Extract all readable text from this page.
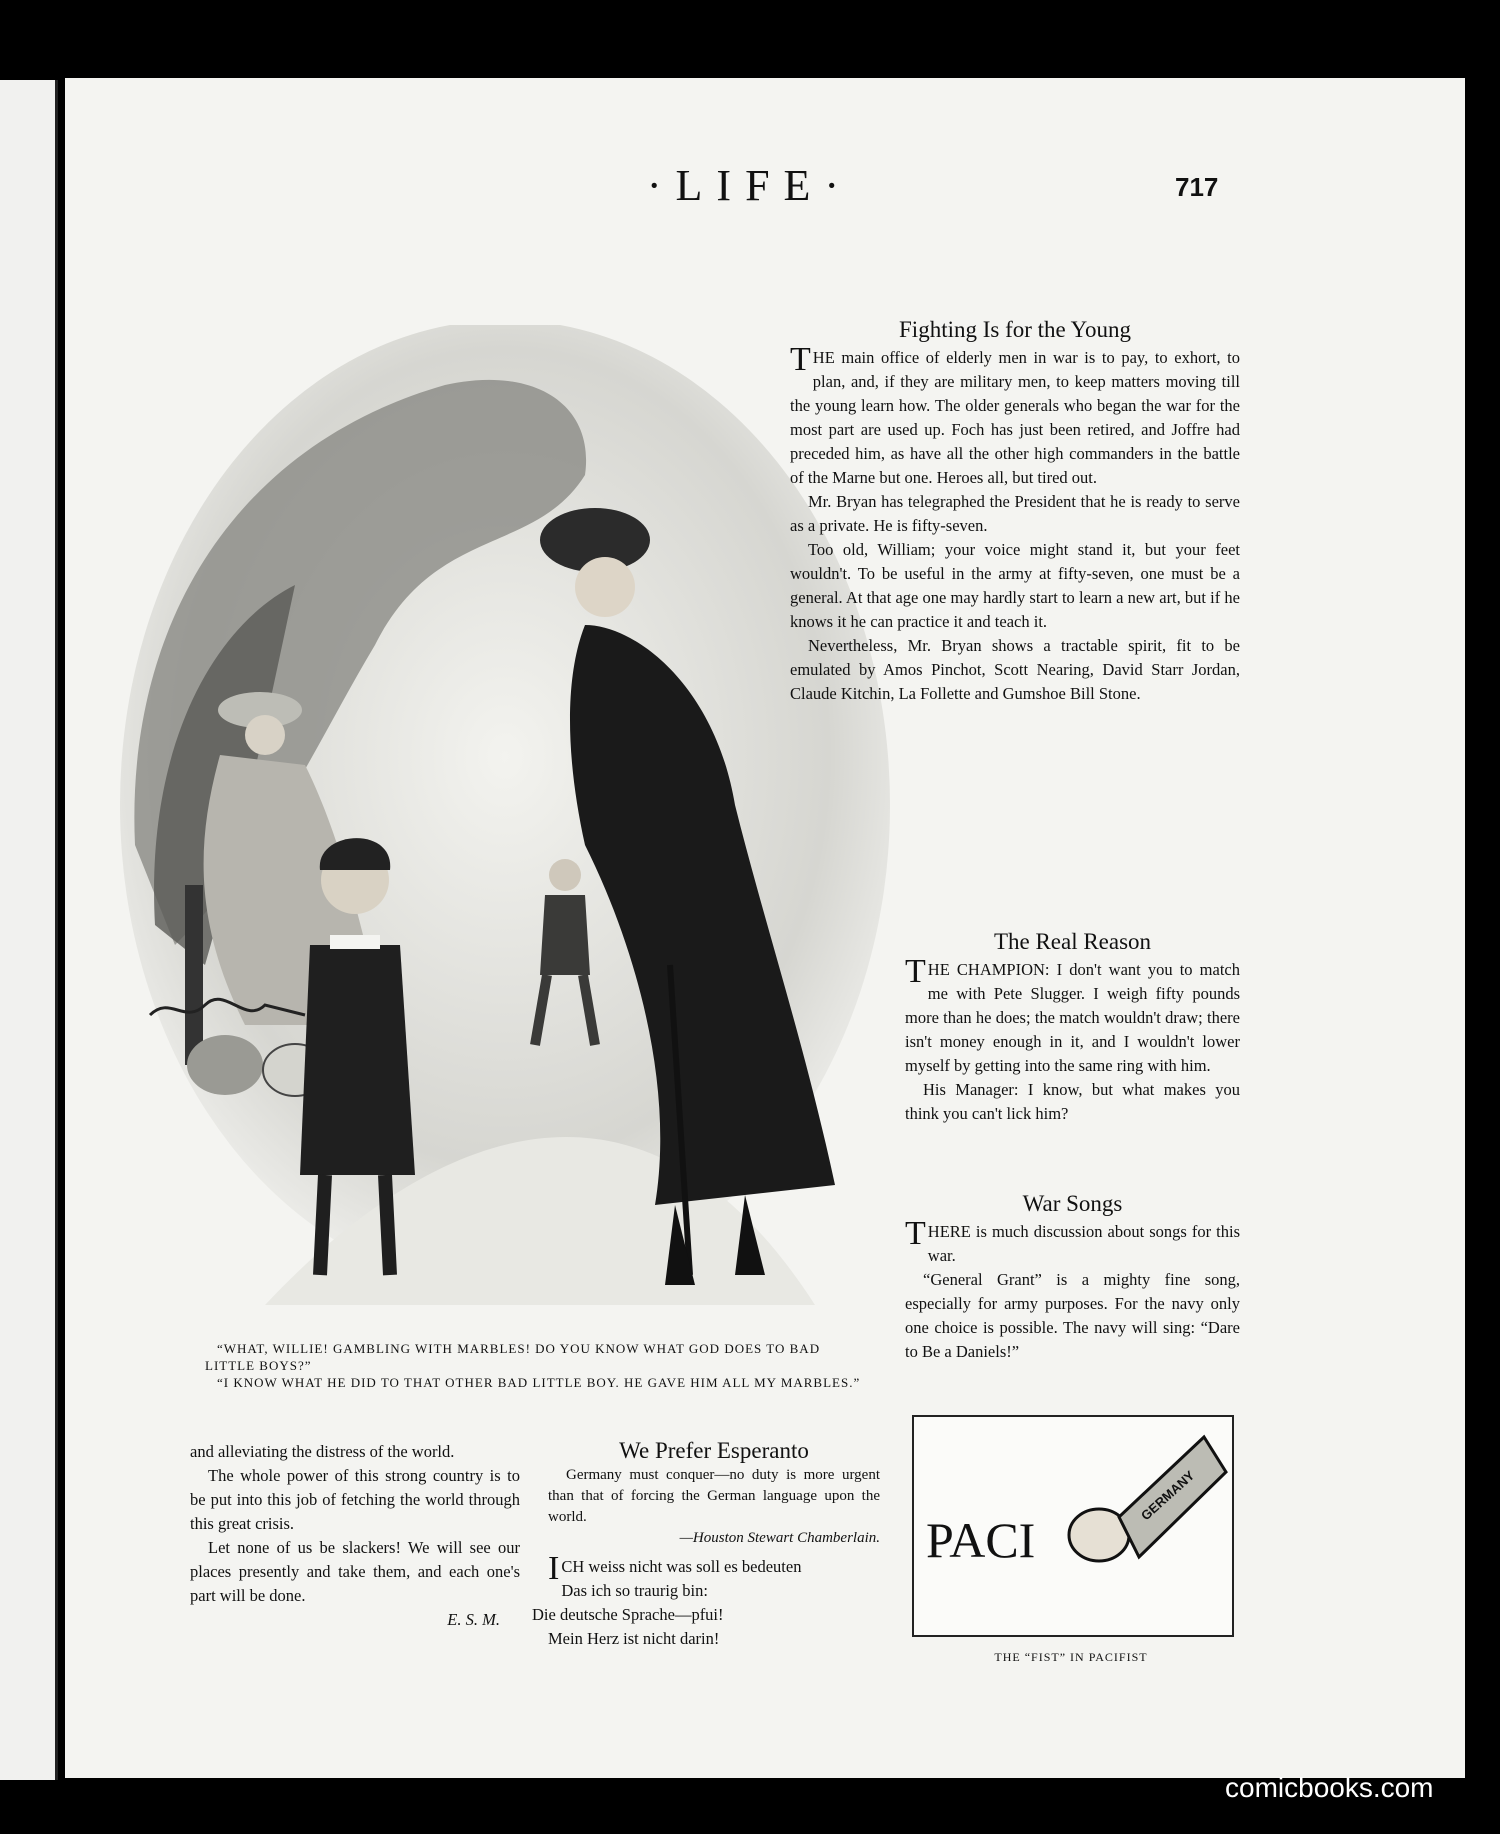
·LIFE·	717

“WHAT, WILLIE! GAMBLING WITH MARBLES! DO YOU KNOW WHAT GOD DOES TO BAD LITTLE BOYS?”

“I KNOW WHAT HE DID TO THAT OTHER BAD LITTLE BOY. HE GAVE HIM ALL MY MARBLES.”

Fighting Is for the Young

THE main office of elderly men in war is to pay, to exhort, to plan, and, if they are military men, to keep matters moving till the young learn how. The older generals who began the war for the most part are used up. Foch has just been retired, and Joffre had preceded him, as have all the other high commanders in the battle of the Marne but one. Heroes all, but tired out.

Mr. Bryan has telegraphed the President that he is ready to serve as a private. He is fifty-seven.

Too old, William; your voice might stand it, but your feet wouldn't. To be useful in the army at fifty-seven, one must be a general. At that age one may hardly start to learn a new art, but if he knows it he can practice it and teach it.

Nevertheless, Mr. Bryan shows a tractable spirit, fit to be emulated by Amos Pinchot, Scott Nearing, David Starr Jordan, Claude Kitchin, La Follette and Gumshoe Bill Stone.

The Real Reason

THE CHAMPION: I don't want you to match me with Pete Slugger. I weigh fifty pounds more than he does; the match wouldn't draw; there isn't money enough in it, and I wouldn't lower myself by getting into the same ring with him.

His Manager: I know, but what makes you think you can't lick him?

War Songs

THERE is much discussion about songs for this war.

“General Grant” is a mighty fine song, especially for army purposes. For the navy only one choice is possible. The navy will sing: “Dare to Be a Daniels!”

and alleviating the distress of the world.

The whole power of this strong country is to be put into this job of fetching the world through this great crisis.

Let none of us be slackers! We will see our places presently and take them, and each one's part will be done.

E. S. M.
We Prefer Esperanto

Germany must conquer—no duty is more urgent than that of forcing the German language upon the world.

—Houston Stewart Chamberlain.

ICH weiss nicht was soll es bedeuten

Das ich so traurig bin:

Die deutsche Sprache—pfui!

Mein Herz ist nicht darin!

PACI
GERMANY
THE “FIST” IN PACIFIST
comicbooks.com
